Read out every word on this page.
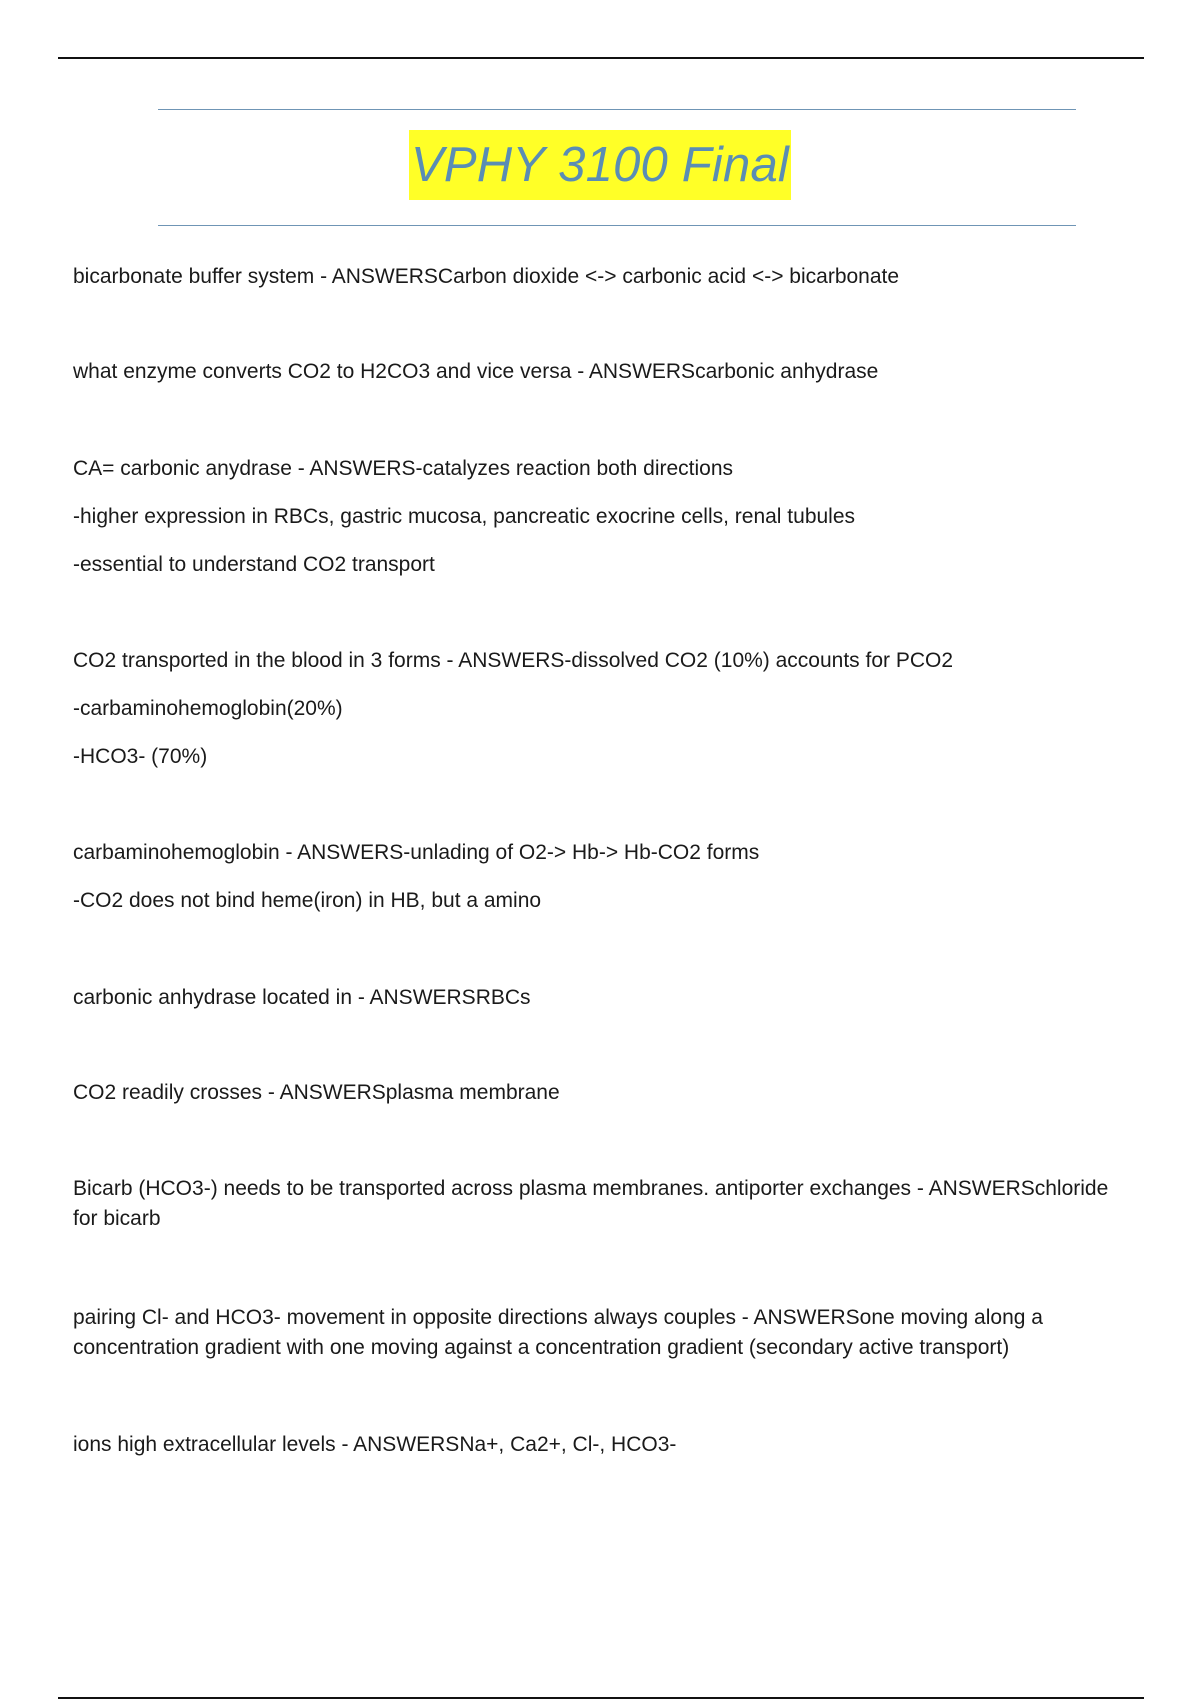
VPHY 3100 Final
bicarbonate buffer system - ANSWERSCarbon dioxide <-> carbonic acid <-> bicarbonate
what enzyme converts CO2 to H2CO3 and vice versa - ANSWERScarbonic anhydrase
CA= carbonic anydrase - ANSWERS-catalyzes reaction both directions
-higher expression in RBCs, gastric mucosa, pancreatic exocrine cells, renal tubules
-essential to understand CO2 transport
CO2 transported in the blood in 3 forms - ANSWERS-dissolved CO2 (10%) accounts for PCO2
-carbaminohemoglobin(20%)
-HCO3- (70%)
carbaminohemoglobin - ANSWERS-unlading of O2-> Hb-> Hb-CO2 forms
-CO2 does not bind heme(iron) in HB, but a amino
carbonic anhydrase located in - ANSWERSRBCs
CO2 readily crosses - ANSWERSplasma membrane
Bicarb (HCO3-) needs to be transported across plasma membranes. antiporter exchanges - ANSWERSchloride
for bicarb
pairing Cl- and HCO3- movement in opposite directions always couples - ANSWERSone moving along a
concentration gradient with one moving against a concentration gradient (secondary active transport)
ions high extracellular levels - ANSWERSNa+, Ca2+, Cl-, HCO3-
